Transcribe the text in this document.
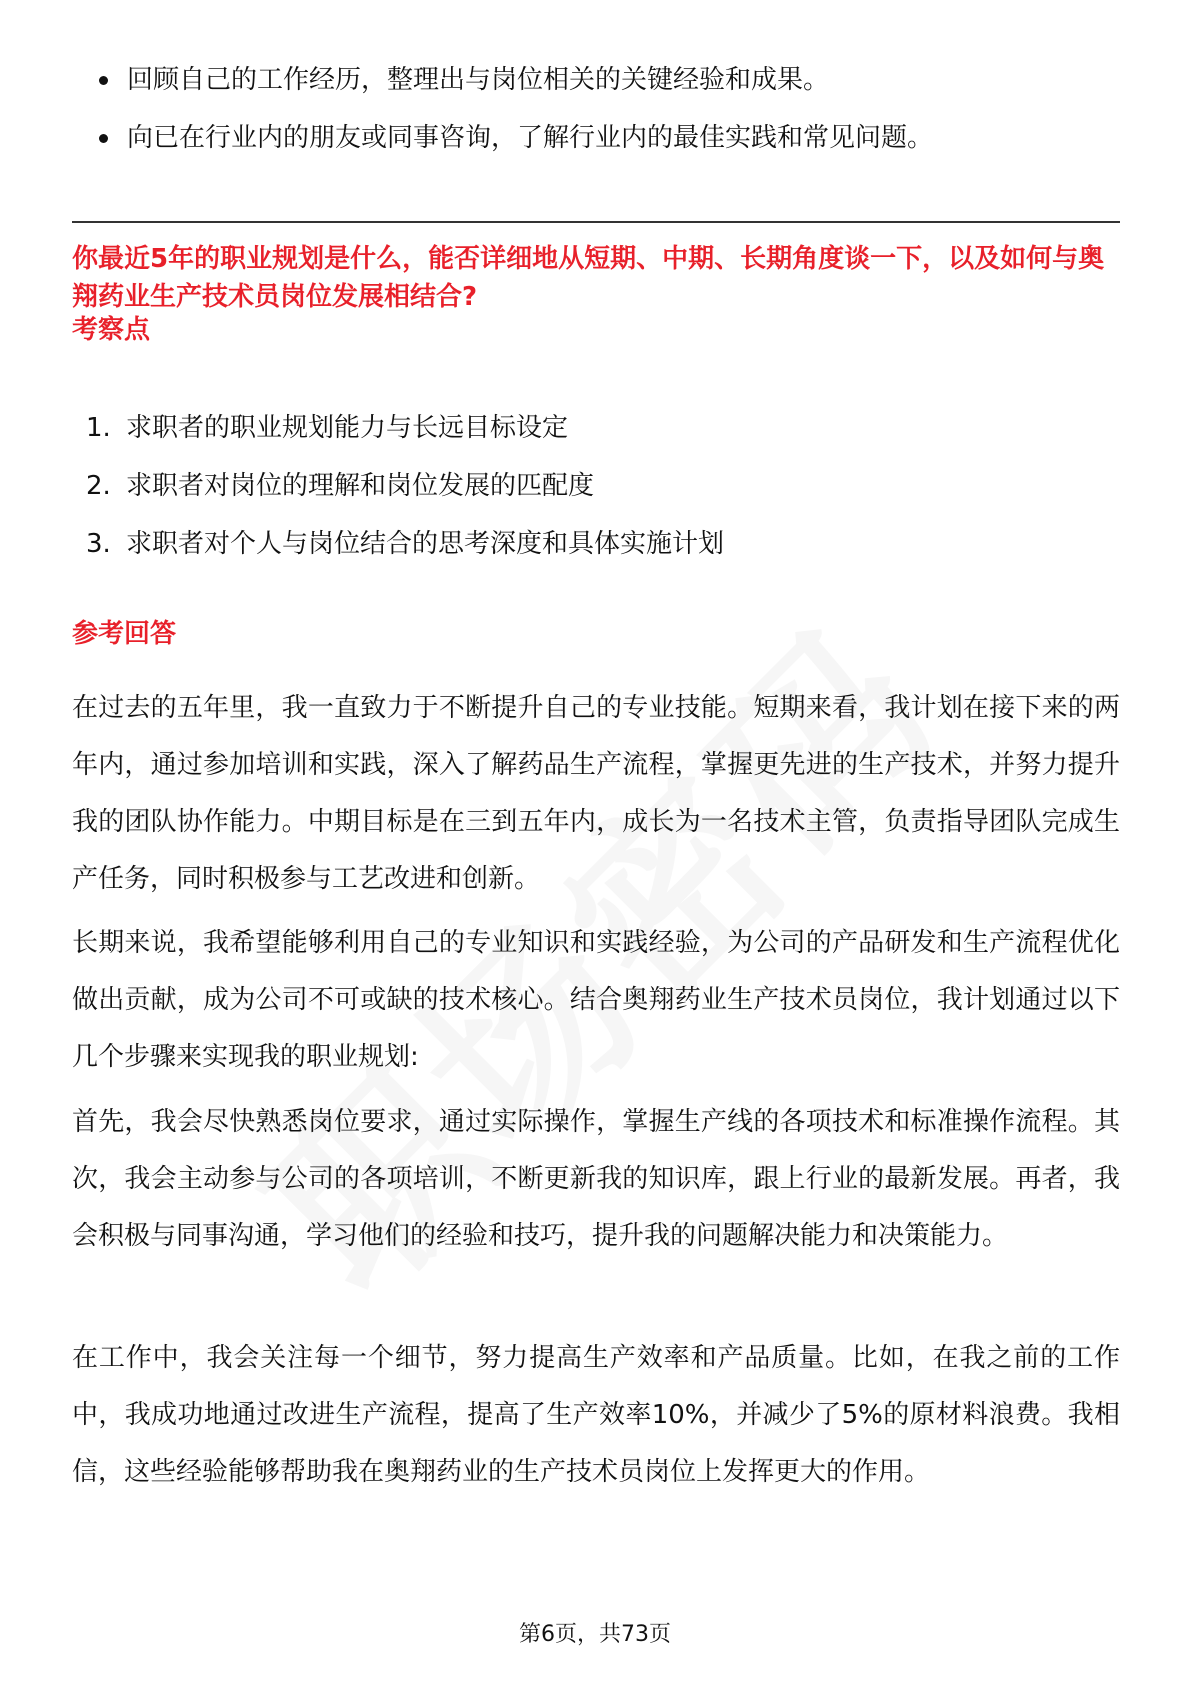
回顾自己的工作经历，整理出与岗位相关的关键经验和成果。
向已在行业内的朋友或同事咨询，了解行业内的最佳实践和常见问题。

你最近5年的职业规划是什么，能否详细地从短期、中期、长期角度谈一下，以及如何与奥翔药业生产技术员岗位发展相结合?

考察点
1. 求职者的职业规划能力与长远目标设定
2. 求职者对岗位的理解和岗位发展的匹配度
3. 求职者对个人与岗位结合的思考深度和具体实施计划
参考回答

在过去的五年里，我一直致力于不断提升自己的专业技能。短期来看，我计划在接下来的两年内，通过参加培训和实践，深入了解药品生产流程，掌握更先进的生产技术，并努力提升我的团队协作能力。中期目标是在三到五年内，成长为一名技术主管，负责指导团队完成生产任务，同时积极参与工艺改进和创新。

长期来说，我希望能够利用自己的专业知识和实践经验，为公司的产品研发和生产流程优化做出贡献，成为公司不可或缺的技术核心。结合奥翔药业生产技术员岗位，我计划通过以下几个步骤来实现我的职业规划:

首先，我会尽快熟悉岗位要求，通过实际操作，掌握生产线的各项技术和标准操作流程。其次，我会主动参与公司的各项培训，不断更新我的知识库，跟上行业的最新发展。再者，我会积极与同事沟通，学习他们的经验和技巧，提升我的问题解决能力和决策能力。

在工作中，我会关注每一个细节，努力提高生产效率和产品质量。比如，在我之前的工作中，我成功地通过改进生产流程，提高了生产效率10%，并减少了5%的原材料浪费。我相信，这些经验能够帮助我在奥翔药业的生产技术员岗位上发挥更大的作用。

第6页，共73页
